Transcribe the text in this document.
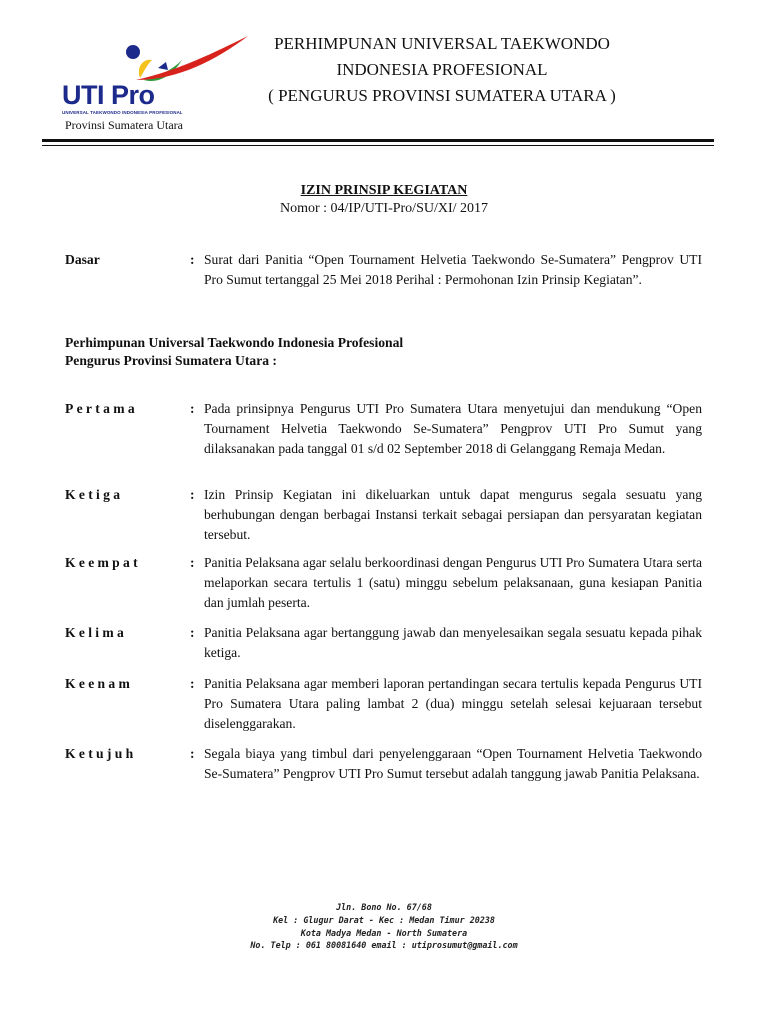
UTI Pro
UNIVERSAL TAEKWONDO INDONESIA PROFESIONAL
Provinsi Sumatera Utara
PERHIMPUNAN UNIVERSAL TAEKWONDO
INDONESIA PROFESIONAL
( PENGURUS PROVINSI SUMATERA UTARA )
IZIN PRINSIP KEGIATAN
Nomor : 04/IP/UTI-Pro/SU/XI/ 2017
Dasar	: Surat dari Panitia “Open Tournament Helvetia Taekwondo Se-Sumatera” Pengprov UTI Pro Sumut tertanggal 25 Mei 2018 Perihal : Permohonan Izin Prinsip Kegiatan”.
Perhimpunan Universal Taekwondo Indonesia Profesional
Pengurus Provinsi Sumatera Utara :
Pertama	: Pada prinsipnya Pengurus UTI Pro Sumatera Utara menyetujui dan mendukung “Open Tournament Helvetia Taekwondo Se-Sumatera” Pengprov UTI Pro Sumut yang dilaksanakan pada tanggal 01 s/d 02 September 2018 di Gelanggang Remaja Medan.
Ketiga	: Izin Prinsip Kegiatan ini dikeluarkan untuk dapat mengurus segala sesuatu yang berhubungan dengan berbagai Instansi terkait sebagai persiapan dan persyaratan kegiatan tersebut.
Keempat	: Panitia Pelaksana agar selalu berkoordinasi dengan Pengurus UTI Pro Sumatera Utara serta melaporkan secara tertulis 1 (satu) minggu sebelum pelaksanaan, guna kesiapan Panitia dan jumlah peserta.
Kelima	: Panitia Pelaksana agar bertanggung jawab dan menyelesaikan segala sesuatu kepada pihak ketiga.
Keenam	: Panitia Pelaksana agar memberi laporan pertandingan secara tertulis kepada Pengurus UTI Pro Sumatera Utara paling lambat 2 (dua) minggu setelah selesai kejuaraan tersebut diselenggarakan.
Ketujuh	: Segala biaya yang timbul dari penyelenggaraan “Open Tournament Helvetia Taekwondo Se-Sumatera” Pengprov UTI Pro Sumut tersebut adalah tanggung jawab Panitia Pelaksana.
Jln. Bono No. 67/68
Kel : Glugur Darat - Kec : Medan Timur 20238
Kota Madya Medan - North Sumatera
No. Telp : 061 80081640 email : utiprosumut@gmail.com
